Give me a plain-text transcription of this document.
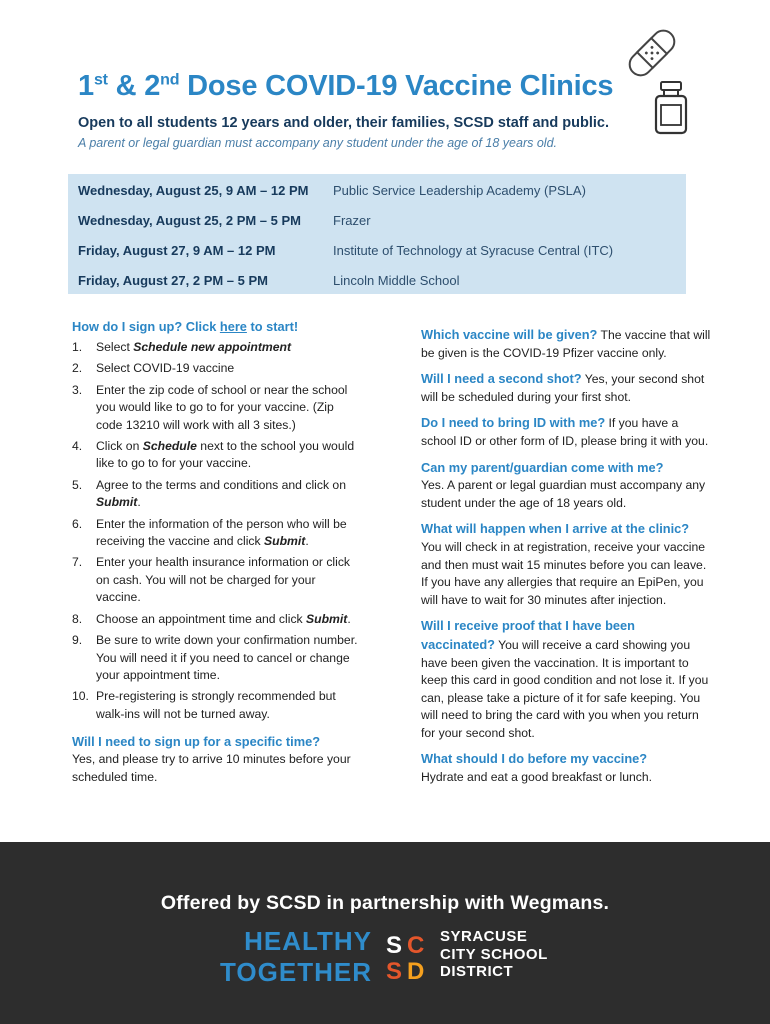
1st & 2nd Dose COVID-19 Vaccine Clinics
Open to all students 12 years and older, their families, SCSD staff and public.
A parent or legal guardian must accompany any student under the age of 18 years old.
Wednesday, August 25, 9 AM – 12 PM Public Service Leadership Academy (PSLA)
Wednesday, August 25, 2 PM – 5 PM Frazer
Friday, August 27, 9 AM – 12 PM	Institute of Technology at Syracuse Central (ITC)
Friday, August 27, 2 PM – 5 PM	Lincoln Middle School
How do I sign up? Click here to start!
1. Select Schedule new appointment
2. Select COVID-19 vaccine
3. Enter the zip code of school or near the school you would like to go to for your vaccine. (Zip code 13210 will work with all 3 sites.)
4. Click on Schedule next to the school you would like to go to for your vaccine.
5. Agree to the terms and conditions and click on Submit.
6. Enter the information of the person who will be receiving the vaccine and click Submit.
7. Enter your health insurance information or click on cash. You will not be charged for your vaccine.
8. Choose an appointment time and click Submit.
9. Be sure to write down your confirmation number. You will need it if you need to cancel or change your appointment time.
10. Pre-registering is strongly recommended but walk-ins will not be turned away.
Will I need to sign up for a specific time?
Yes, and please try to arrive 10 minutes before your scheduled time.
Which vaccine will be given? The vaccine that will be given is the COVID-19 Pfizer vaccine only.
Will I need a second shot? Yes, your second shot will be scheduled during your first shot.
Do I need to bring ID with me? If you have a school ID or other form of ID, please bring it with you.
Can my parent/guardian come with me?
Yes. A parent or legal guardian must accompany any student under the age of 18 years old.
What will happen when I arrive at the clinic? You will check in at registration, receive your vaccine and then must wait 15 minutes before you can leave. If you have any allergies that require an EpiPen, you will have to wait for 30 minutes after injection.
Will I receive proof that I have been vaccinated? You will receive a card showing you have been given the vaccination. It is important to keep this card in good condition and not lose it. If you can, please take a picture of it for safe keeping. You will need to bring the card with you when you return for your second shot.
What should I do before my vaccine?
Hydrate and eat a good breakfast or lunch.
Offered by SCSD in partnership with Wegmans.
HEALTHY
TOGETHER
S C
S D
SYRACUSE
CITY SCHOOL
DISTRICT
